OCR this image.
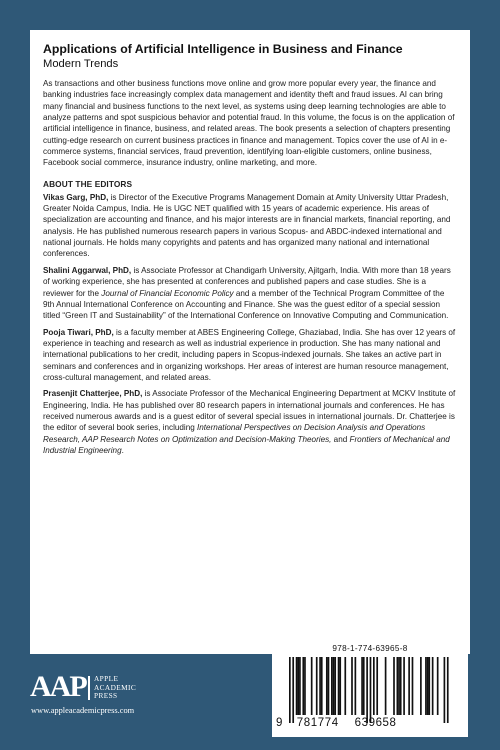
Applications of Artificial Intelligence in Business and Finance
Modern Trends

As transactions and other business functions move online and grow more popular every year, the finance and banking industries face increasingly complex data management and identity theft and fraud issues. AI can bring many financial and business functions to the next level, as systems using deep learning technologies are able to analyze patterns and spot suspicious behavior and potential fraud. In this volume, the focus is on the application of artificial intelligence in finance, business, and related areas. The book presents a selection of chapters presenting cutting-edge research on current business practices in finance and management. Topics cover the use of AI in e-commerce systems, financial services, fraud prevention, identifying loan-eligible customers, online business, Facebook social commerce, insurance industry, online marketing, and more.

ABOUT THE EDITORS

Vikas Garg, PhD, is Director of the Executive Programs Management Domain at Amity University Uttar Pradesh, Greater Noida Campus, India. He is UGC NET qualified with 15 years of academic experience. His areas of specialization are accounting and finance, and his major interests are in financial markets, financial reporting, and analysis. He has published numerous research papers in various Scopus- and ABDC-indexed international and national journals. He holds many copyrights and patents and has organized many national and international conferences.

Shalini Aggarwal, PhD, is Associate Professor at Chandigarh University, Ajitgarh, India. With more than 18 years of working experience, she has presented at conferences and published papers and case studies. She is a reviewer for the Journal of Financial Economic Policy and a member of the Technical Program Committee of the 9th Annual International Conference on Accounting and Finance. She was the guest editor of a special session titled “Green IT and Sustainability” of the International Conference on Innovative Computing and Communication.

Pooja Tiwari, PhD, is a faculty member at ABES Engineering College, Ghaziabad, India. She has over 12 years of experience in teaching and research as well as industrial experience in production. She has many national and international publications to her credit, including papers in Scopus-indexed journals. She takes an active part in seminars and conferences and in organizing workshops. Her areas of interest are human resource management, cross-cultural management, and related areas.

Prasenjit Chatterjee, PhD, is Associate Professor of the Mechanical Engineering Department at MCKV Institute of Engineering, India. He has published over 80 research papers in international journals and conferences. He has received numerous awards and is a guest editor of several special issues in international journals. Dr. Chatterjee is the editor of several book series, including International Perspectives on Decision Analysis and Operations Research, AAP Research Notes on Optimization and Decision-Making Theories, and Frontiers of Mechanical and Industrial Engineering.

AAP APPLE
ACADEMIC
PRESS
www.appleacademicpress.com
978-1-774-63965-8
9 781774 639658
